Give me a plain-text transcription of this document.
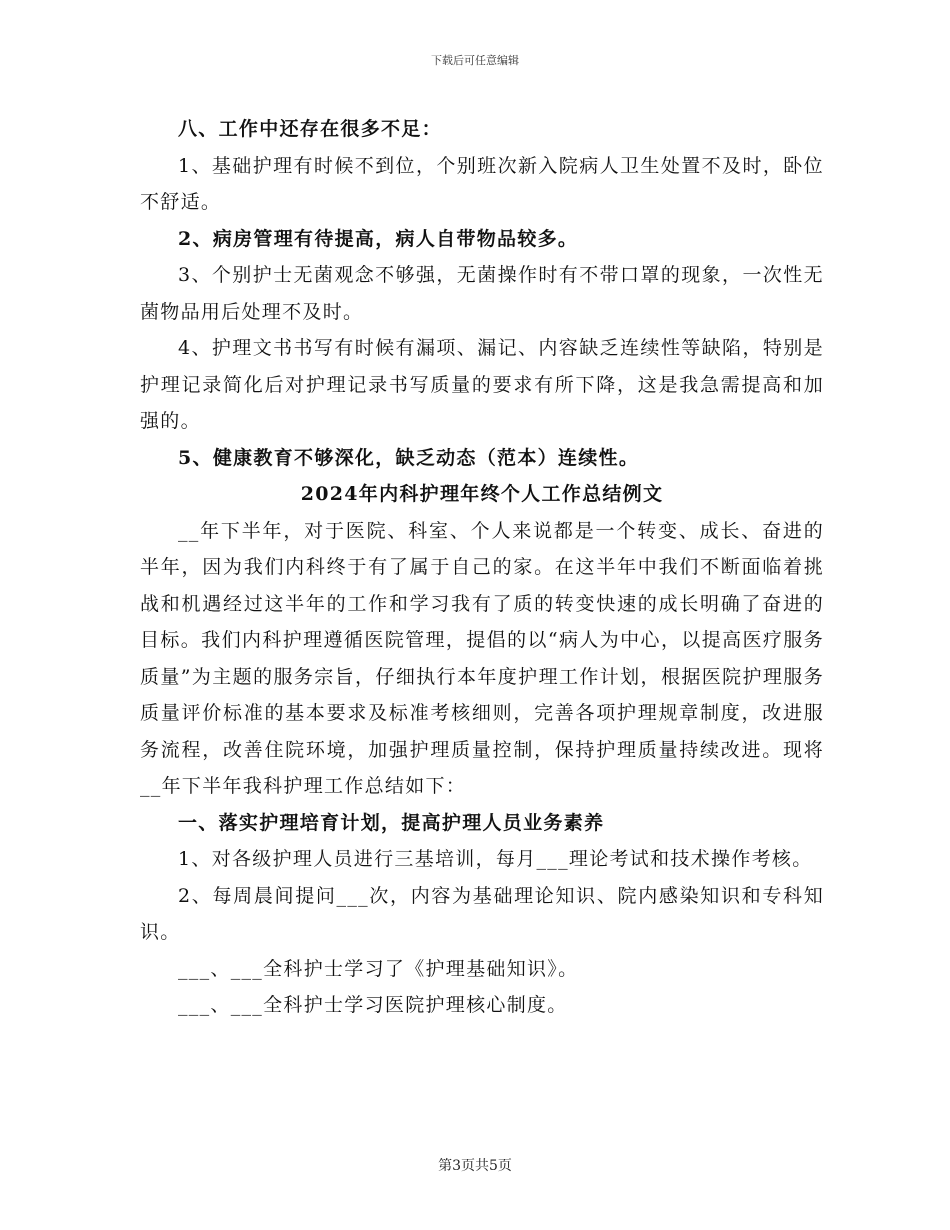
下载后可任意编辑

八、工作中还存在很多不足：

1、基础护理有时候不到位，个别班次新入院病人卫生处置不及时，卧位不舒适。

2、病房管理有待提高，病人自带物品较多。

3、个别护士无菌观念不够强，无菌操作时有不带口罩的现象，一次性无菌物品用后处理不及时。

4、护理文书书写有时候有漏项、漏记、内容缺乏连续性等缺陷，特别是护理记录简化后对护理记录书写质量的要求有所下降，这是我急需提高和加强的。

5、健康教育不够深化，缺乏动态（范本）连续性。

2024年内科护理年终个人工作总结例文

__年下半年，对于医院、科室、个人来说都是一个转变、成长、奋进的半年，因为我们内科终于有了属于自己的家。在这半年中我们不断面临着挑战和机遇经过这半年的工作和学习我有了质的转变快速的成长明确了奋进的目标。我们内科护理遵循医院管理，提倡的以“病人为中心，以提高医疗服务质量”为主题的服务宗旨，仔细执行本年度护理工作计划，根据医院护理服务质量评价标准的基本要求及标准考核细则，完善各项护理规章制度，改进服务流程，改善住院环境，加强护理质量控制，保持护理质量持续改进。现将__年下半年我科护理工作总结如下：

一、落实护理培育计划，提高护理人员业务素养

1、对各级护理人员进行三基培训，每月___理论考试和技术操作考核。

2、每周晨间提问___次，内容为基础理论知识、院内感染知识和专科知识。

___、___全科护士学习了《护理基础知识》。

___、___全科护士学习医院护理核心制度。

第3页共5页
